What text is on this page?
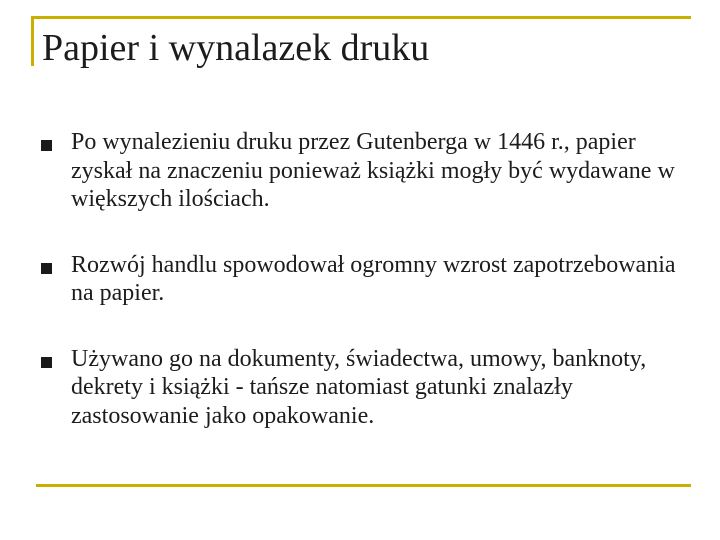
Papier i wynalazek druku
Po wynalezieniu druku przez Gutenberga w 1446 r., papier zyskał na znaczeniu ponieważ książki mogły być wydawane w większych ilościach.
Rozwój handlu spowodował ogromny wzrost zapotrzebowania na papier.
Używano go na dokumenty, świadectwa, umowy, banknoty, dekrety i książki - tańsze natomiast gatunki znalazły zastosowanie jako opakowanie.
